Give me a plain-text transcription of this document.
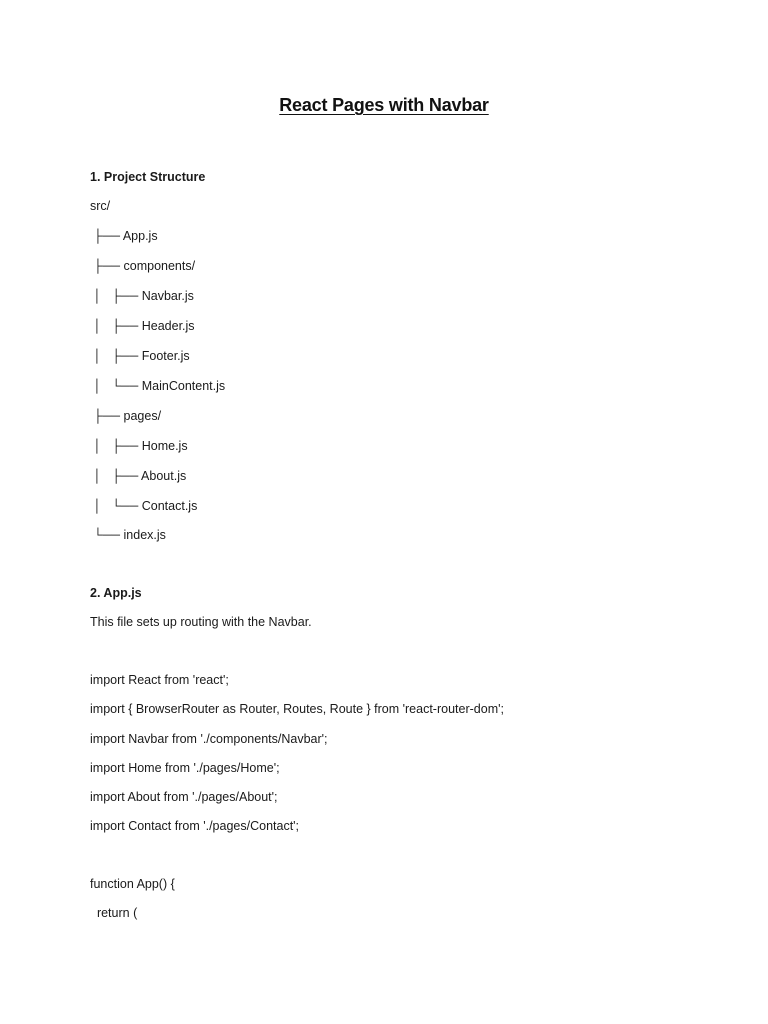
React Pages with Navbar
1. Project Structure
src/
├── App.js
├── components/
│   ├── Navbar.js
│   ├── Header.js
│   ├── Footer.js
│   └── MainContent.js
├── pages/
│   ├── Home.js
│   ├── About.js
│   └── Contact.js
└── index.js
2. App.js
This file sets up routing with the Navbar.
import React from 'react';
import { BrowserRouter as Router, Routes, Route } from 'react-router-dom';
import Navbar from './components/Navbar';
import Home from './pages/Home';
import About from './pages/About';
import Contact from './pages/Contact';
function App() {
return (
